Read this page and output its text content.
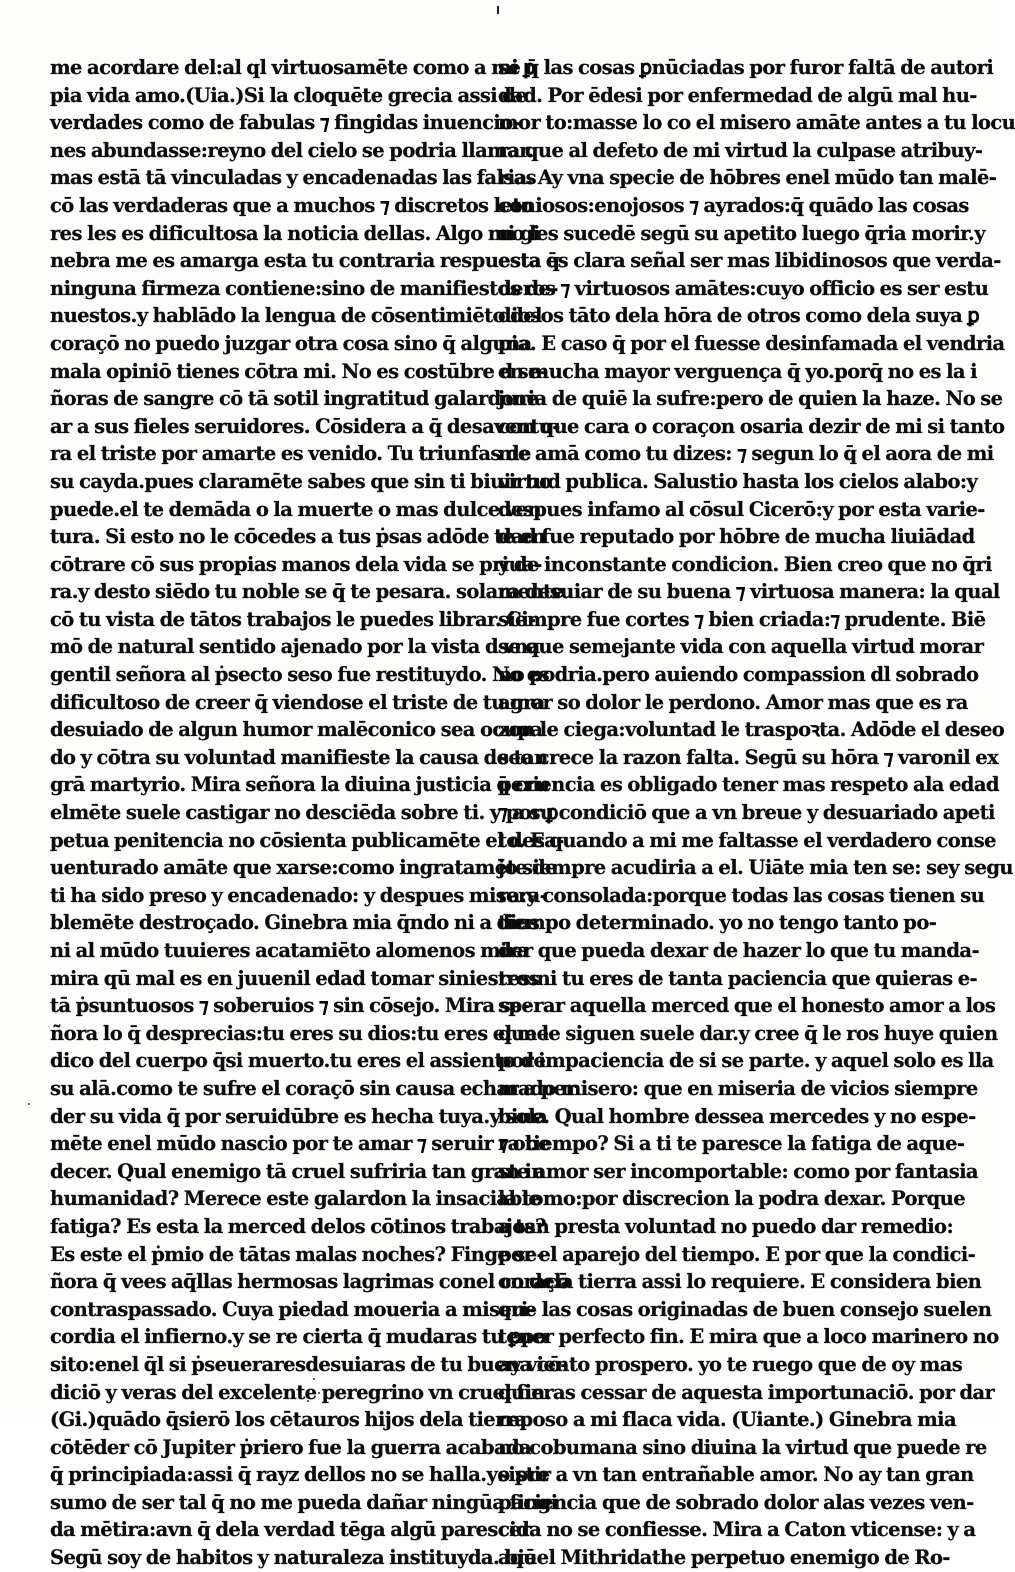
me acordare del:al ql virtuosamēte como a mi ꝑ
pia vida amo.(Uia.)Si la cloquēte grecia assi de
verdades como de fabulas ⁊ fingidas inuencio-
nes abundasse:reyno del cielo se podria llamar.
mas estā tā vinculadas y encadenadas las falsas
cō las verdaderas que a muchos ⁊ discretos leto
res les es dificultosa la noticia dellas. Algo mi gi
nebra me es amarga esta tu contraria respuesta q̄
ninguna firmeza contiene:sino de manifiestos de-
nuestos.y hablādo la lengua de cōsentimiēto del
coraçō no puedo juzgar otra cosa sino q̄ alguna
mala opiniō tienes cōtra mi. No es costūbre d se-
ñoras de sangre cō tā sotil ingratitud galardone
ar a sus fieles seruidores. Cōsidera a q̄ desaventu-
ra el triste por amarte es venido. Tu triunfas de
su cayda.pues claramēte sabes que sin ti biuir no
puede.el te demāda o la muerte o mas dulce ven
tura. Si esto no le cōcedes a tus ṗsas adōde te en
cōtrare cō sus propias manos dela vida se priua-
ra.y desto siēdo tu noble se q̄ te pesara. solamente
cō tu vista de tātos trabajos le puedes librar. Ci-
mō de natural sentido ajenado por la vista d vna
gentil señora al ṗsecto seso fue restituydo. No es
dificultoso de creer q̄ viendose el triste de tu gra
desuiado de algun humor malēconico sea ocupa
do y cōtra su voluntad manifieste la causa de tan
grā martyrio. Mira señora la diuina justicia q̄ cru
elmēte suele castigar no desciēda sobre ti. y por ꝑ
petua penitencia no cōsienta publicamēte el desa-
uenturado amāte que xarse:como ingratamēte de
ti ha sido preso y encadenado: y despues misera-
blemēte destroçado. Ginebra mia q̄ndo ni a dios
ni al mūdo tuuieres acatamiēto alomenos mira
mira qū mal es en juuenil edad tomar siniestros
tā ṗsuntuosos ⁊ soberuios ⁊ sin cōsejo. Mira se-
ñora lo q̄ desprecias:tu eres su dios:tu eres el me
dico del cuerpo q̄si muerto.tu eres el assiento de
su alā.como te sufre el coraçō sin causa echar a per
der su vida q̄ por seruidūbre es hecha tuya.y sola
mēte enel mūdo nascio por te amar ⁊ seruir ⁊ obe
decer. Qual enemigo tā cruel sufriria tan gran in
humanidad? Merece este galardon la insaciable
fatiga? Es esta la merced delos cōtinos trabajos?
Es este el ṗmio de tātas malas noches? Finge se-
ñora q̄ vees aq̄llas hermosas lagrimas conel coraçō
contraspassado. Cuya piedad moueria a miseri-
cordia el infierno.y se re cierta q̄ mudaras tu ꝑpo
sito:enel q̄l si ṗseueraresdesuiaras de tu buena cō-
diciō y veras del excelente peregrino vn cruel fin.
(Gi.)quādo q̄sierō los cētauros hijos dela tierra
cōtēder cō Jupiter ṗriero fue la guerra acabada
q̄ principiada:assi q̄ rayz dellos no se halla.yo pre
sumo de ser tal q̄ no me pueda dañar ningūa fingi
da mētira:avn q̄ dela verdad tēga algū parescer.
Segū soy de habitos y naturaleza instituyda. biē
se q̄ las cosas ꝑnūciadas por furor faltā de autori
dad. Por ēdesi por enfermedad de algū mal hu-
mor to:masse lo co el misero amāte antes a tu locu
ra que al defeto de mi virtud la culpase atribuy-
ria. Ay vna specie de hōbres enel mūdo tan malē-
coniosos:enojosos ⁊ ayrados:q̄ quādo las cosas
no les sucedē segū su apetito luego q̄ria morir.y
esta es clara señal ser mas libidinosos que verda-
deros ⁊ virtuosos amātes:cuyo officio es ser estu
diosos tāto dela hōra de otros como dela suya ꝑ
pia. E caso q̄ por el fuesse desinfamada el vendria
en mucha mayor verguença q̄ yo.porq̄ no es la i
juria de quiē la sufre:pero de quien la haze. No se
con que cara o coraçon osaria dezir de mi si tanto
me amā como tu dizes: ⁊ segun lo q̄ el aora de mi
virtud publica. Salustio hasta los cielos alabo:y
despues infamo al cōsul Cicerō:y por esta varie-
dad fue reputado por hōbre de mucha liuiādad
y de inconstante condicion. Bien creo que no q̄ri
ra desuiar de su buena ⁊ virtuosa manera: la qual
siempre fue cortes ⁊ bien criada:⁊ prudente. Biē
se que semejante vida con aquella virtud morar
no podria.pero auiendo compassion dl sobrado
amor so dolor le perdono. Amor mas que es ra
zon le ciega:voluntad le traspoꝛta. Adōde el deseo
seo crece la razon falta. Segū su hōra ⁊ varonil ex
periencia es obligado tener mas respeto ala edad
⁊ a su condiciō que a vn breue y desuariado apeti
to. E quando a mi me faltasse el verdadero conse
jo siempre acudiria a el. Uiāte mia ten se: sey segu
ra:y consolada:porque todas las cosas tienen su
tiempo determinado. yo no tengo tanto po-
der que pueda dexar de hazer lo que tu manda-
res:ni tu eres de tanta paciencia que quieras e-
sperar aquella merced que el honesto amor a los
que le siguen suele dar.y cree q̄ le ros huye quien
por impaciencia de si se parte. y aquel solo es lla
mado misero: que en miseria de vicios siempre
biue. Qual hombre dessea mercedes y no espe-
ra tiempo? Si a ti te paresce la fatiga de aque-
ste amor ser incomportable: como por fantasia
la tomo:por discrecion la podra dexar. Porque
a tan presta voluntad no puedo dar remedio:
por el aparejo del tiempo. E por que la condici-
on dela tierra assi lo requiere. E considera bien
que las cosas originadas de buen consejo suelen
tener perfecto fin. E mira que a loco marinero no
ay viento prospero. yo te ruego que de oy mas
quieras cessar de aquesta importunaciō. por dar
reposo a mi flaca vida. (Uiante.) Ginebra mia
no cobumana sino diuina la virtud que puede re
sistir a vn tan entrañable amor. No ay tan gran
paciencia que de sobrado dolor alas vezes ven-
cida no se confiesse. Mira a Caton vticense: y a
aquel Mithridathe perpetuo enemigo de Ro-
